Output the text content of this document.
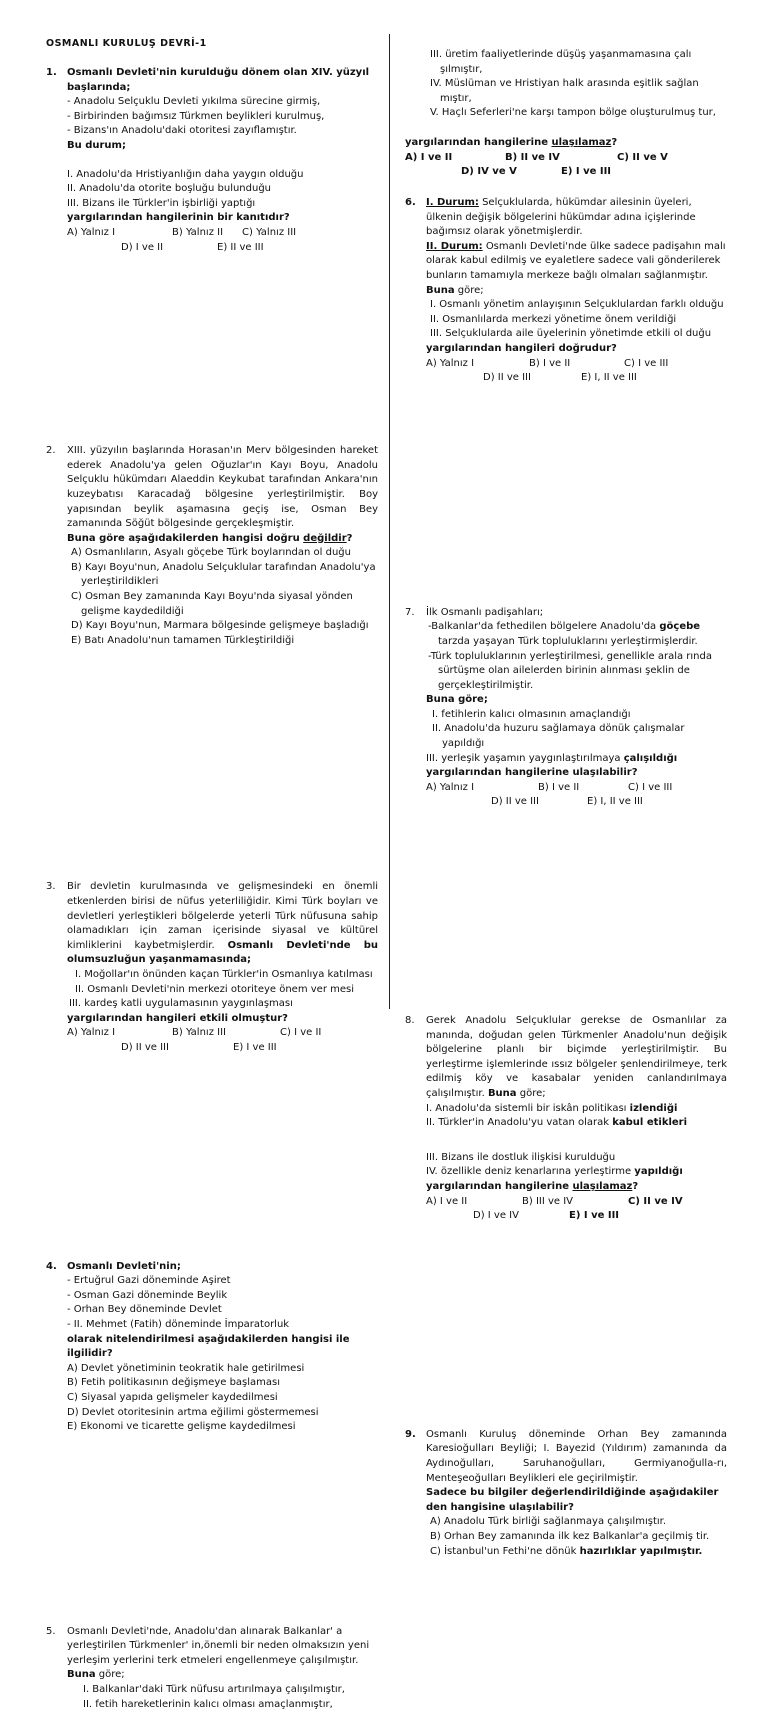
OSMANLI KURULUŞ DEVRİ-1
1. Osmanlı Devleti'nin kurulduğu dönem olan XIV. yüzyıl başlarında;

- Anadolu Selçuklu Devleti yıkılma sürecine girmiş,

- Birbirinden bağımsız Türkmen beylikleri kurulmuş,

- Bizans'ın Anadolu'daki otoritesi zayıflamıştır.

Bu durum;

I. Anadolu'da Hristiyanlığın daha yaygın olduğu

II. Anadolu'da otorite boşluğu bulunduğu

III. Bizans ile Türkler'in işbirliği yaptığı

yargılarından hangilerinin bir kanıtıdır?

A) Yalnız I	B) Yalnız II	C) Yalnız III
D) I ve II	E) II ve III
2. XIII. yüzyılın başlarında Horasan'ın Merv bölgesinden hareket ederek Anadolu'ya gelen Oğuzlar'ın Kayı Boyu, Anadolu Selçuklu hükümdarı Alaeddin Keykubat tarafından Ankara'nın kuzeybatısı Karacadağ bölgesine yerleştirilmiştir. Boy yapısından beylik aşamasına geçiş ise, Osman Bey zamanında Söğüt bölgesinde gerçekleşmiştir.

Buna göre aşağıdakilerden hangisi doğru değildir?

A) Osmanlıların, Asyalı göçebe Türk boylarından ol duğu

B) Kayı Boyu'nun, Anadolu Selçuklular tarafından Anadolu'ya yerleştirildikleri

C) Osman Bey zamanında Kayı Boyu'nda siyasal yönden gelişme kaydedildiği

D) Kayı Boyu'nun, Marmara bölgesinde gelişmeye başladığı

E) Batı Anadolu'nun tamamen Türkleştirildiği

3. Bir devletin kurulmasında ve gelişmesindeki en önemli etkenlerden birisi de nüfus yeterliliğidir. Kimi Türk boyları ve devletleri yerleştikleri bölgelerde yeterli Türk nüfusuna sahip olamadıkları için zaman içerisinde siyasal ve kültürel kimliklerini kaybetmişlerdir. Osmanlı Devleti'nde bu olumsuzluğun yaşanmamasında;

I. Moğollar'ın önünden kaçan Türkler'in Osmanlıya katılması

II. Osmanlı Devleti'nin merkezi otoriteye önem ver mesi

III. kardeş katli uygulamasının yaygınlaşması

yargılarından hangileri etkili olmuştur?

A) Yalnız I	B) Yalnız III	C) I ve II
D) II ve III	E) I ve III
4. Osmanlı Devleti'nin;

- Ertuğrul Gazi döneminde Aşiret

- Osman Gazi döneminde Beylik

- Orhan Bey döneminde Devlet

- II. Mehmet (Fatih) döneminde İmparatorluk

olarak nitelendirilmesi aşağıdakilerden hangisi ile ilgilidir?

A) Devlet yönetiminin teokratik hale getirilmesi

B) Fetih politikasının değişmeye başlaması

C) Siyasal yapıda gelişmeler kaydedilmesi

D) Devlet otoritesinin artma eğilimi göstermemesi

E) Ekonomi ve ticarette gelişme kaydedilmesi

5. Osmanlı Devleti'nde, Anadolu'dan alınarak Balkanlar' a yerleştirilen Türkmenler' in,önemli bir neden olmaksızın yeni yerleşim yerlerini terk etmeleri engellenmeye çalışılmıştır. Buna göre;

I. Balkanlar'daki Türk nüfusu artırılmaya çalışılmıştır,

II. fetih hareketlerinin kalıcı olması amaçlanmıştır,

III. üretim faaliyetlerinde düşüş yaşanmamasına çalı şılmıştır,

IV. Müslüman ve Hristiyan halk arasında eşitlik sağlan mıştır,

V. Haçlı Seferleri'ne karşı tampon bölge oluşturulmuş tur,

yargılarından hangilerine ulaşılamaz?

A) I ve II	B) II ve IV	C) II ve V
D) IV ve V	E) I ve III
6. I. Durum: Selçuklularda, hükümdar ailesinin üyeleri, ülkenin değişik bölgelerini hükümdar adına içişlerinde bağımsız olarak yönetmişlerdir.

II. Durum: Osmanlı Devleti'nde ülke sadece padişahın malı olarak kabul edilmiş ve eyaletlere sadece vali gönderilerek bunların tamamıyla merkeze bağlı olmaları sağlanmıştır. Buna göre;

I. Osmanlı yönetim anlayışının Selçuklulardan farklı olduğu

II. Osmanlılarda merkezi yönetime önem verildiği

III. Selçuklularda aile üyelerinin yönetimde etkili ol duğu

yargılarından hangileri doğrudur?

A) Yalnız I	B) I ve II	C) I ve III
D) II ve III	E) I, II ve III
7. İlk Osmanlı padişahları;

-Balkanlar'da fethedilen bölgelere Anadolu'da göçebe tarzda yaşayan Türk topluluklarını yerleştirmişlerdir.

-Türk topluluklarının yerleştirilmesi, genellikle arala rında sürtüşme olan ailelerden birinin alınması şeklin de gerçekleştirilmiştir.

Buna göre;

I. fetihlerin kalıcı olmasının amaçlandığı

II. Anadolu'da huzuru sağlamaya dönük çalışmalar yapıldığı

III. yerleşik yaşamın yaygınlaştırılmaya çalışıldığı

yargılarından hangilerine ulaşılabilir?

A) Yalnız I	B) I ve II	C) I ve III
D) II ve III	E) I, II ve III
8. Gerek Anadolu Selçuklular gerekse de Osmanlılar za manında, doğudan gelen Türkmenler Anadolu'nun değişik bölgelerine planlı bir biçimde yerleştirilmiştir. Bu yerleştirme işlemlerinde ıssız bölgeler şenlendirilmeye, terk edilmiş köy ve kasabalar yeniden canlandırılmaya çalışılmıştır. Buna göre;

I. Anadolu'da sistemli bir iskân politikası izlendiği

II. Türkler'in Anadolu'yu vatan olarak kabul etikleri

III. Bizans ile dostluk ilişkisi kurulduğu

IV. özellikle deniz kenarlarına yerleştirme yapıldığı

yargılarından hangilerine ulaşılamaz?

A) I ve II	B) III ve IV	C) II ve IV
D) I ve IV	E) I ve III
9. Osmanlı Kuruluş döneminde Orhan Bey zamanında Karesioğulları Beyliği; I. Bayezid (Yıldırım) zamanında da Aydınoğulları, Saruhanoğulları, Germiyanoğulla-rı, Menteşeoğulları Beylikleri ele geçirilmiştir.

Sadece bu bilgiler değerlendirildiğinde aşağıdakiler den hangisine ulaşılabilir?

A) Anadolu Türk birliği sağlanmaya çalışılmıştır.

B) Orhan Bey zamanında ilk kez Balkanlar'a geçilmiş tir.

C) İstanbul'un Fethi'ne dönük hazırlıklar yapılmıştır.
